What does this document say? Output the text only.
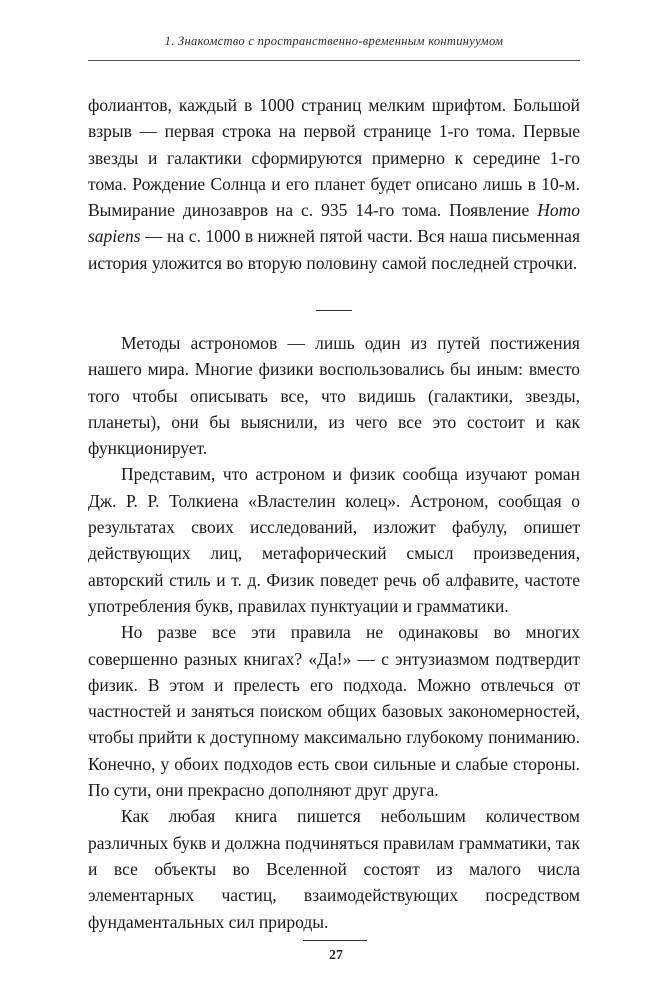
1. Знакомство с пространственно-временным континуумом

фолиантов, каждый в 1000 страниц мелким шрифтом. Большой взрыв — первая строка на первой странице 1-го тома. Первые звезды и галактики сформируются примерно к середине 1-го тома. Рождение Солнца и его планет будет описано лишь в 10-м. Вымирание динозавров на с. 935 14-го тома. Появление Homo sapiens — на с. 1000 в нижней пятой части. Вся наша письменная история уложится во вторую половину самой последней строчки.

Методы астрономов — лишь один из путей постижения нашего мира. Многие физики воспользовались бы иным: вместо того чтобы описывать все, что видишь (галактики, звезды, планеты), они бы выяснили, из чего все это состоит и как функционирует.

Представим, что астроном и физик сообща изучают роман Дж. Р. Р. Толкиена «Властелин колец». Астроном, сообщая о результатах своих исследований, изложит фабулу, опишет действующих лиц, метафорический смысл произведения, авторский стиль и т. д. Физик поведет речь об алфавите, частоте употребления букв, правилах пунктуации и грамматики.

Но разве все эти правила не одинаковы во многих совершенно разных книгах? «Да!» — с энтузиазмом подтвердит физик. В этом и прелесть его подхода. Можно отвлечься от частностей и заняться поиском общих базовых закономерностей, чтобы прийти к доступному максимально глубокому пониманию. Конечно, у обоих подходов есть свои сильные и слабые стороны. По сути, они прекрасно дополняют друг друга.

Как любая книга пишется небольшим количеством различных букв и должна подчиняться правилам грамматики, так и все объекты во Вселенной состоят из малого числа элементарных частиц, взаимодействующих посредством фундаментальных сил природы.

27
